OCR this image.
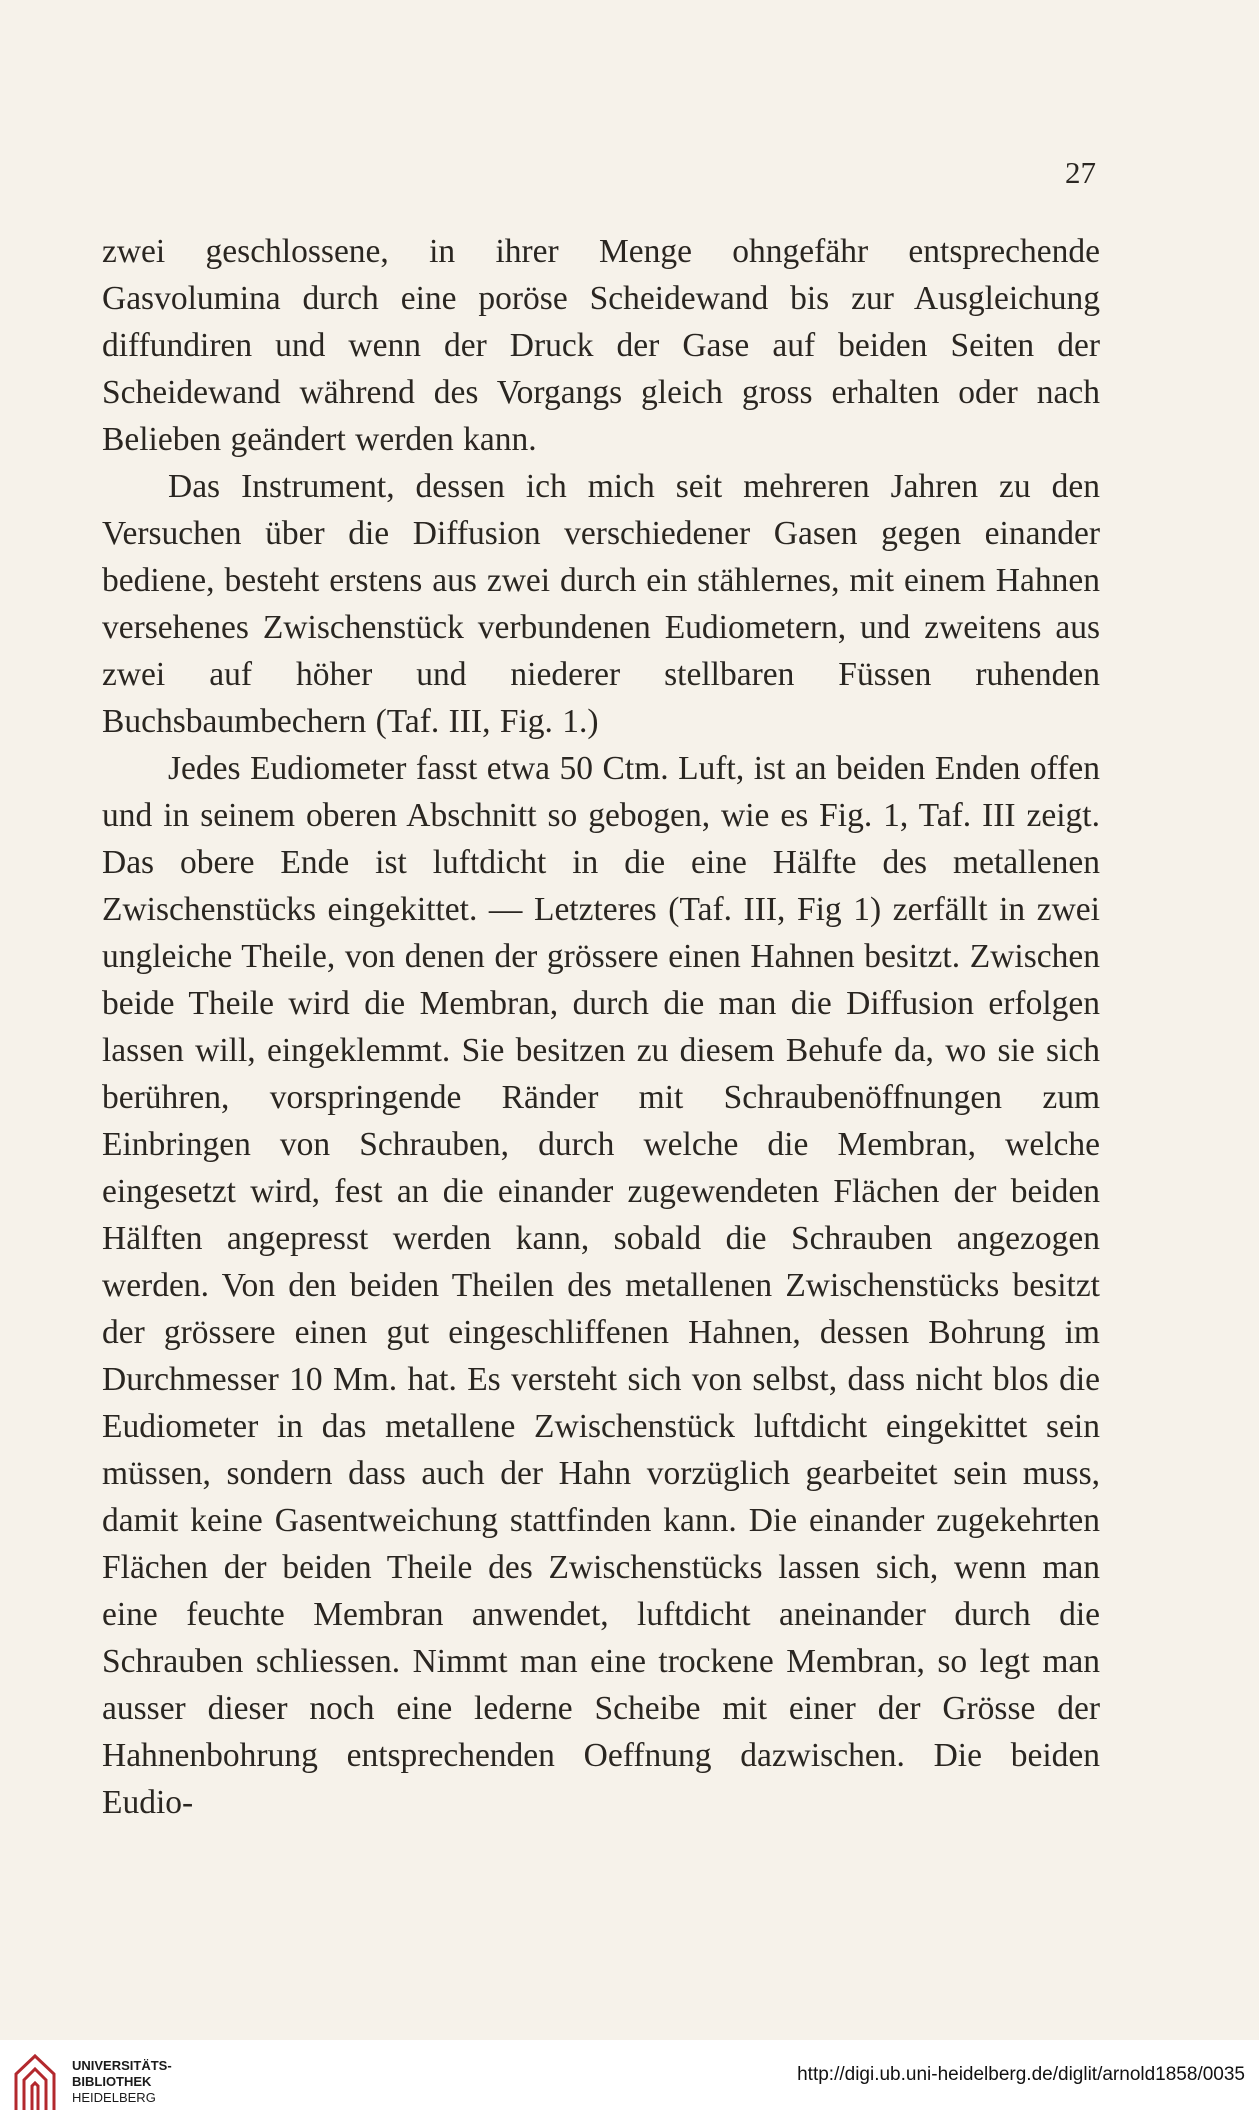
27

zwei geschlossene, in ihrer Menge ohngefähr entsprechende Gasvolumina durch eine poröse Scheidewand bis zur Ausgleichung diffundiren und wenn der Druck der Gase auf beiden Seiten der Scheidewand während des Vorgangs gleich gross erhalten oder nach Belieben geändert werden kann.

Das Instrument, dessen ich mich seit mehreren Jahren zu den Versuchen über die Diffusion verschiedener Gasen gegen einander bediene, besteht erstens aus zwei durch ein stählernes, mit einem Hahnen versehenes Zwischenstück verbundenen Eudiometern, und zweitens aus zwei auf höher und niederer stellbaren Füssen ruhenden Buchsbaumbechern (Taf. III, Fig. 1.)

Jedes Eudiometer fasst etwa 50 Ctm. Luft, ist an beiden Enden offen und in seinem oberen Abschnitt so gebogen, wie es Fig. 1, Taf. III zeigt. Das obere Ende ist luftdicht in die eine Hälfte des metallenen Zwischenstücks eingekittet. — Letzteres (Taf. III, Fig 1) zerfällt in zwei ungleiche Theile, von denen der grössere einen Hahnen besitzt. Zwischen beide Theile wird die Membran, durch die man die Diffusion erfolgen lassen will, eingeklemmt. Sie besitzen zu diesem Behufe da, wo sie sich berühren, vorspringende Ränder mit Schraubenöffnungen zum Einbringen von Schrauben, durch welche die Membran, welche eingesetzt wird, fest an die einander zugewendeten Flächen der beiden Hälften angepresst werden kann, sobald die Schrauben angezogen werden. Von den beiden Theilen des metallenen Zwischenstücks besitzt der grössere einen gut eingeschliffenen Hahnen, dessen Bohrung im Durchmesser 10 Mm. hat. Es versteht sich von selbst, dass nicht blos die Eudiometer in das metallene Zwischenstück luftdicht eingekittet sein müssen, sondern dass auch der Hahn vorzüglich gearbeitet sein muss, damit keine Gasentweichung stattfinden kann. Die einander zugekehrten Flächen der beiden Theile des Zwischenstücks lassen sich, wenn man eine feuchte Membran anwendet, luftdicht aneinander durch die Schrauben schliessen. Nimmt man eine trockene Membran, so legt man ausser dieser noch eine lederne Scheibe mit einer der Grösse der Hahnenbohrung entsprechenden Oeffnung dazwischen. Die beiden Eudio-

UNIVERSITÄTS-
BIBLIOTHEK
HEIDELBERG
http://digi.ub.uni-heidelberg.de/diglit/arnold1858/0035
